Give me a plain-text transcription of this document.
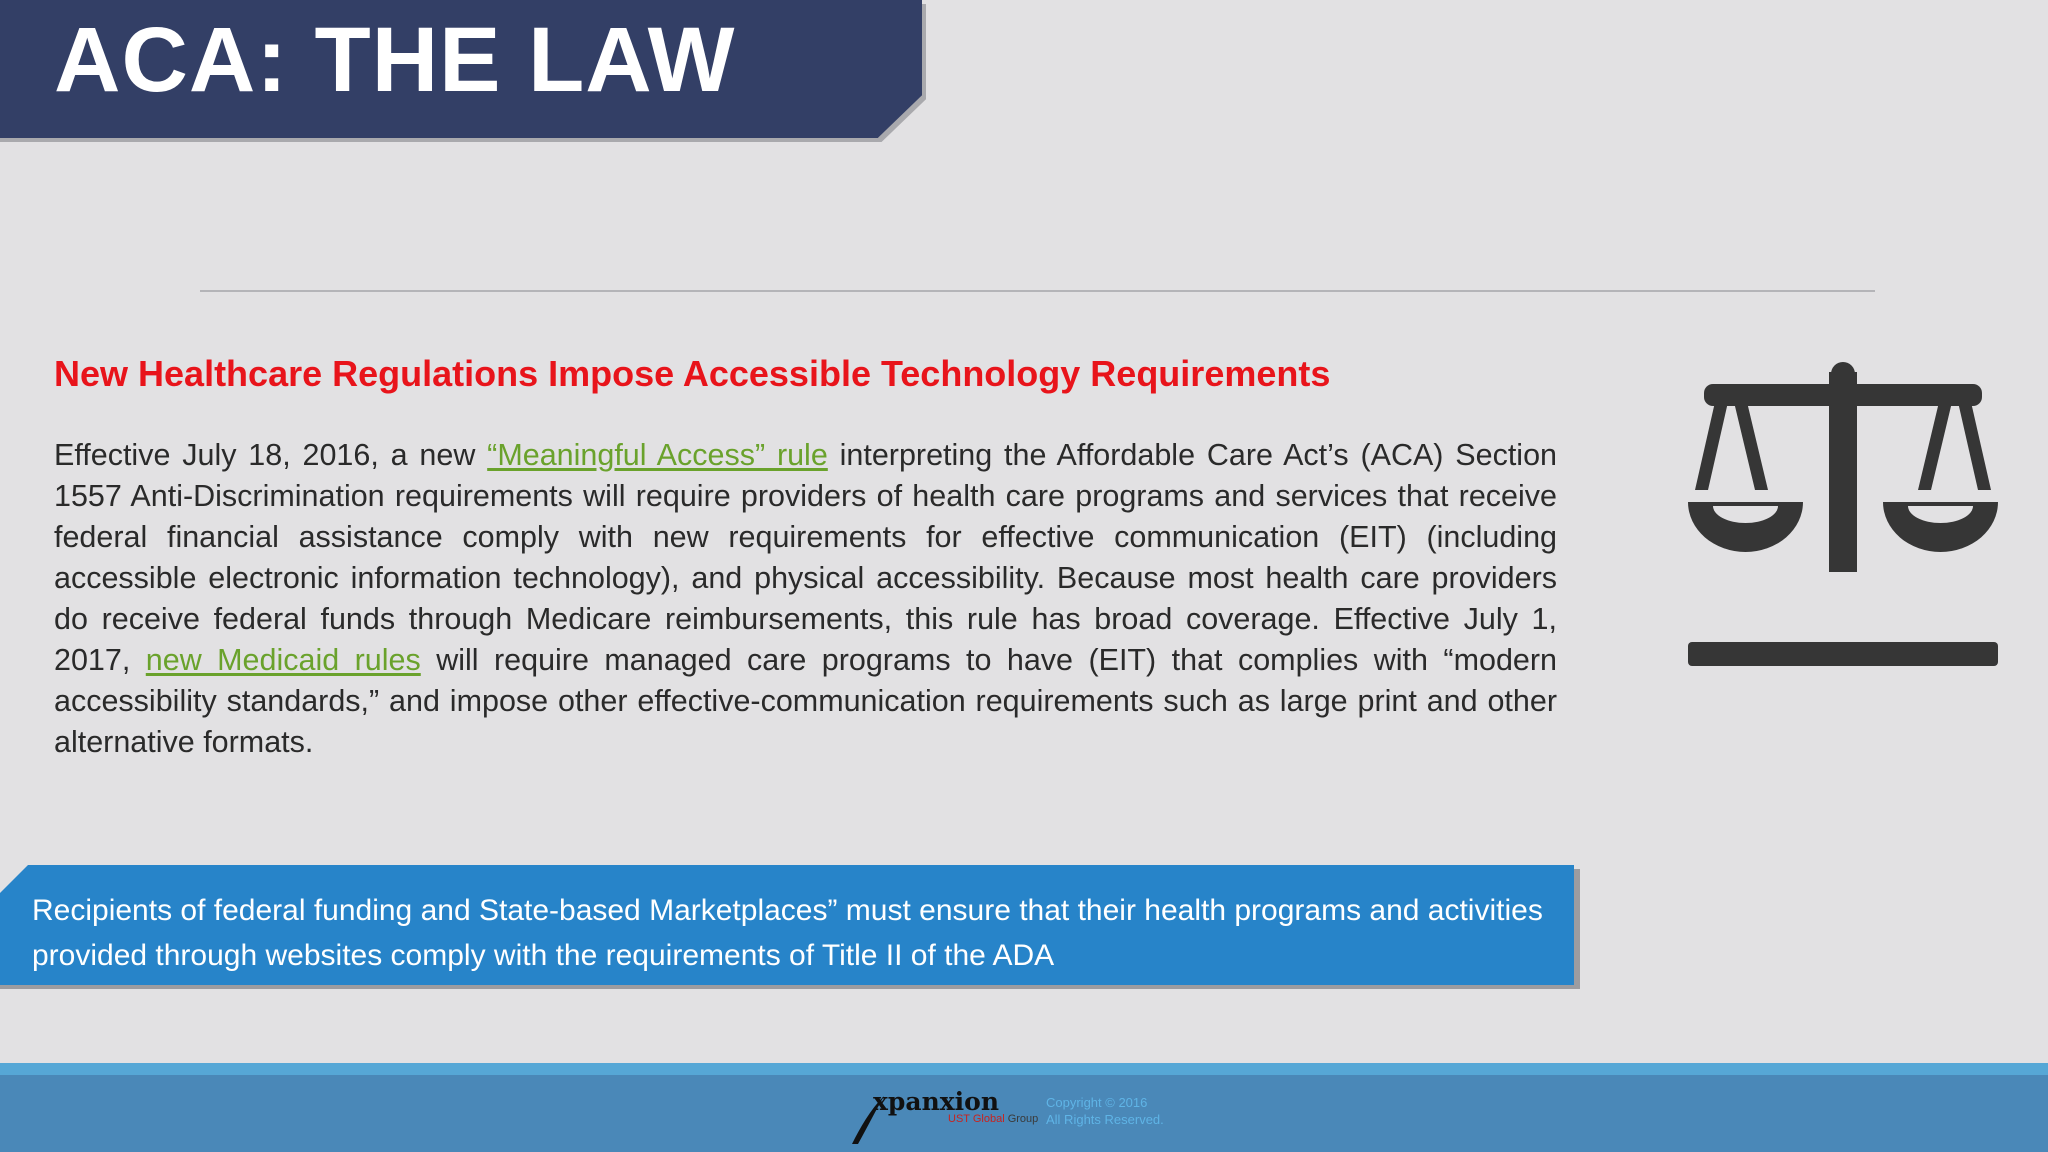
ACA: THE LAW
New Healthcare Regulations Impose Accessible Technology Requirements
Effective July 18, 2016, a new “Meaningful Access” rule interpreting the Affordable Care Act’s (ACA) Section 1557 Anti-Discrimination requirements will require providers of health care programs and services that receive federal financial assistance comply with new requirements for effective communication (EIT) (including accessible electronic information technology), and physical accessibility. Because most health care providers do receive federal funds through Medicare reimbursements, this rule has broad coverage. Effective July 1, 2017, new Medicaid rules will require managed care programs to have (EIT) that complies with “modern accessibility standards,” and impose other effective-communication requirements such as large print and other alternative formats.
Recipients of federal funding and State-based Marketplaces” must ensure that their health programs and activities provided through websites comply with the requirements of Title II of the ADA
xpanxion
UST Global Group
Copyright © 2016
All Rights Reserved.
